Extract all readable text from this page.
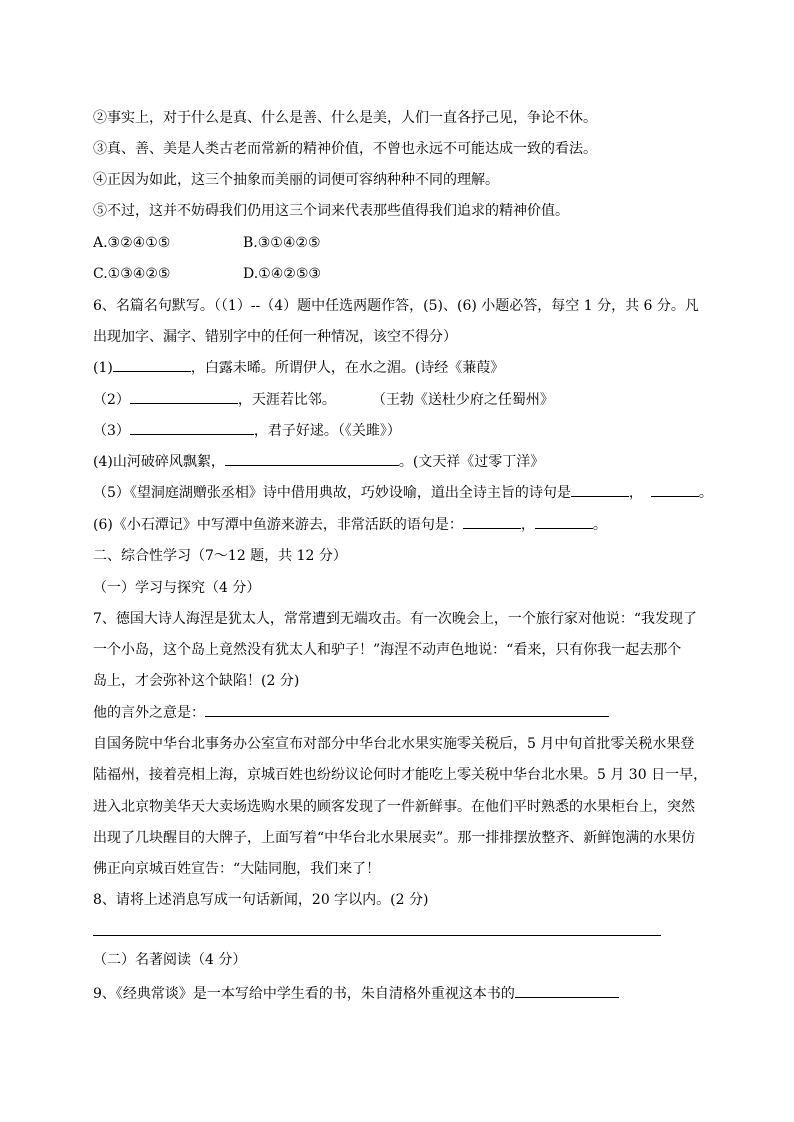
②事实上，对于什么是真、什么是善、什么是美，人们一直各抒己见，争论不休。
③真、善、美是人类古老而常新的精神价值，不曾也永远不可能达成一致的看法。
④正因为如此，这三个抽象而美丽的词便可容纳种种不同的理解。
⑤不过，这并不妨碍我们仍用这三个词来代表那些值得我们追求的精神价值。
A.③②④①⑤	B.③①④②⑤
C.①③④②⑤	D.①④②⑤③
6、名篇名句默写。（（1）--（4）题中任选两题作答，(5)、(6) 小题必答，每空 1 分，共 6 分。凡
出现加字、漏字、错别字中的任何一种情况，该空不得分）
(1)	，白露未晞。所谓伊人，在水之湄。(诗经《蒹葭》
（2）	，天涯若比邻。	（王勃《送杜少府之任蜀州》
（3）	，君子好逑。（《关雎》）
(4)山河破碎风飘絮，	。(文天祥《过零丁洋》
（5）《望洞庭湖赠张丞相》诗中借用典故，巧妙设喻，道出全诗主旨的诗句是	，	。
(6)《小石潭记》中写潭中鱼游来游去，非常活跃的语句是：	，	。
二、综合性学习（7～12 题，共 12 分）
（一）学习与探究（4 分）
7、德国大诗人海涅是犹太人，常常遭到无端攻击。有一次晚会上，一个旅行家对他说：“我发现了
一个小岛，这个岛上竟然没有犹太人和驴子！”海涅不动声色地说：“看来，只有你我一起去那个
岛上，才会弥补这个缺陷！(2 分)
他的言外之意是：
自国务院中华台北事务办公室宣布对部分中华台北水果实施零关税后，5 月中旬首批零关税水果登
陆福州，接着亮相上海，京城百姓也纷纷议论何时才能吃上零关税中华台北水果。5 月 30 日一早，
进入北京物美华天大卖场选购水果的顾客发现了一件新鲜事。在他们平时熟悉的水果柜台上，突然
出现了几块醒目的大牌子，上面写着“中华台北水果展卖”。那一排排摆放整齐、新鲜饱满的水果仿
佛正向京城百姓宣告：“大陆同胞，我们来了！
8、请将上述消息写成一句话新闻，20 字以内。(2 分)
（二）名著阅读（4 分）
9、《经典常谈》是一本写给中学生看的书，朱自清格外重视这本书的
